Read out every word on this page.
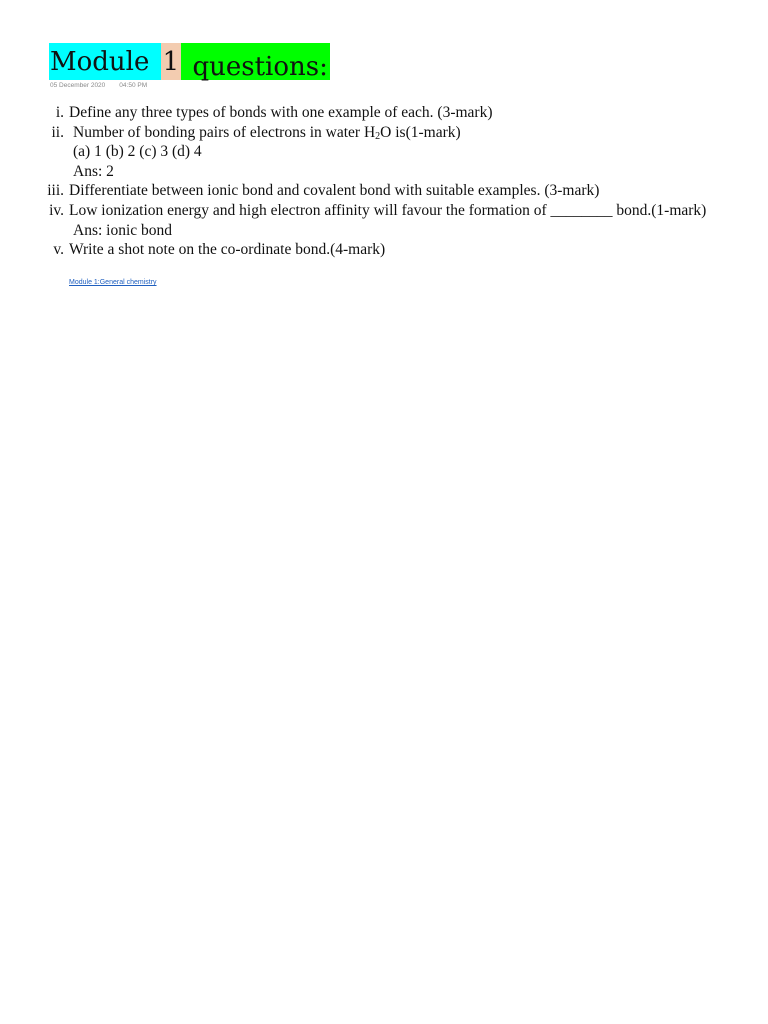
Module 1 questions:
05 December 2020 04:50 PM
i. Define any three types of bonds with one example of each. (3-mark)
ii. Number of bonding pairs of electrons in water $H_2O$ is(1-mark)
(a) 1 (b) 2 (c) 3 (d) 4
Ans: 2
iii. Differentiate between ionic bond and covalent bond with suitable examples. (3-mark)
iv. Low ionization energy and high electron affinity will favour the formation of ________ bond.(1-mark)
Ans: ionic bond
v. Write a shot note on the co-ordinate bond.(4-mark)
Module 1:General chemistry
